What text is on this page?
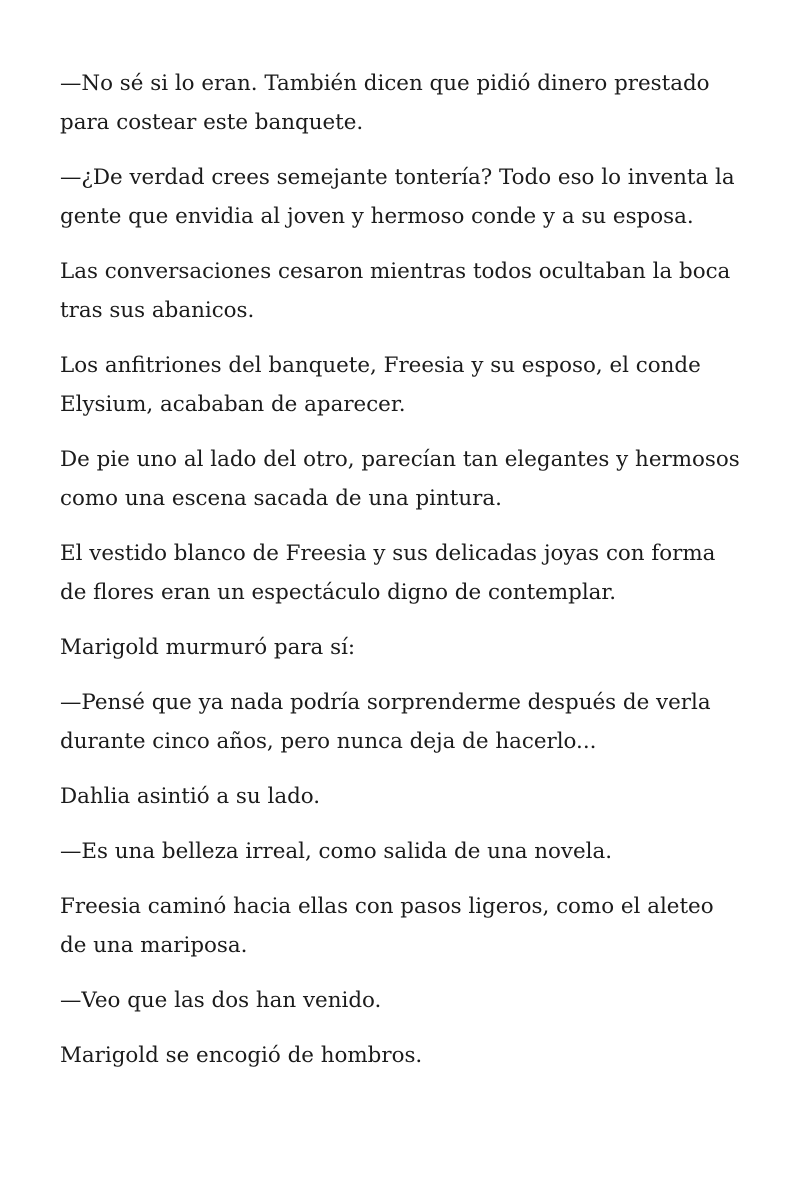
—No sé si lo eran. También dicen que pidió dinero prestado para costear este banquete.

—¿De verdad crees semejante tontería? Todo eso lo inventa la gente que envidia al joven y hermoso conde y a su esposa.

Las conversaciones cesaron mientras todos ocultaban la boca tras sus abanicos.

Los anfitriones del banquete, Freesia y su esposo, el conde Elysium, acababan de aparecer.

De pie uno al lado del otro, parecían tan elegantes y hermosos como una escena sacada de una pintura.

El vestido blanco de Freesia y sus delicadas joyas con forma de flores eran un espectáculo digno de contemplar.

Marigold murmuró para sí:

—Pensé que ya nada podría sorprenderme después de verla durante cinco años, pero nunca deja de hacerlo...

Dahlia asintió a su lado.

—Es una belleza irreal, como salida de una novela.

Freesia caminó hacia ellas con pasos ligeros, como el aleteo de una mariposa.

—Veo que las dos han venido.

Marigold se encogió de hombros.
